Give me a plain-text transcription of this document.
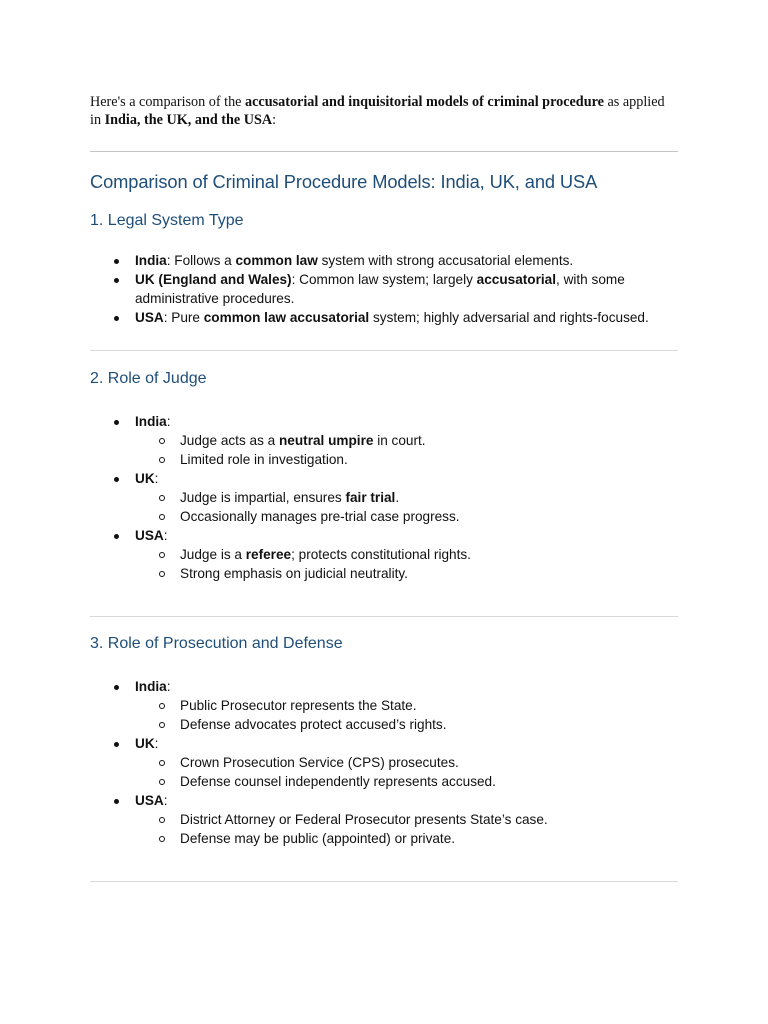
Here's a comparison of the accusatorial and inquisitorial models of criminal procedure as applied in India, the UK, and the USA:

Comparison of Criminal Procedure Models: India, UK, and USA
1. Legal System Type
India: Follows a common law system with strong accusatorial elements.
UK (England and Wales): Common law system; largely accusatorial, with some administrative procedures.
USA: Pure common law accusatorial system; highly adversarial and rights-focused.
2. Role of Judge
India:
Judge acts as a neutral umpire in court.
Limited role in investigation.
UK:
Judge is impartial, ensures fair trial.
Occasionally manages pre-trial case progress.
USA:
Judge is a referee; protects constitutional rights.
Strong emphasis on judicial neutrality.
3. Role of Prosecution and Defense
India:
Public Prosecutor represents the State.
Defense advocates protect accused’s rights.
UK:
Crown Prosecution Service (CPS) prosecutes.
Defense counsel independently represents accused.
USA:
District Attorney or Federal Prosecutor presents State’s case.
Defense may be public (appointed) or private.
